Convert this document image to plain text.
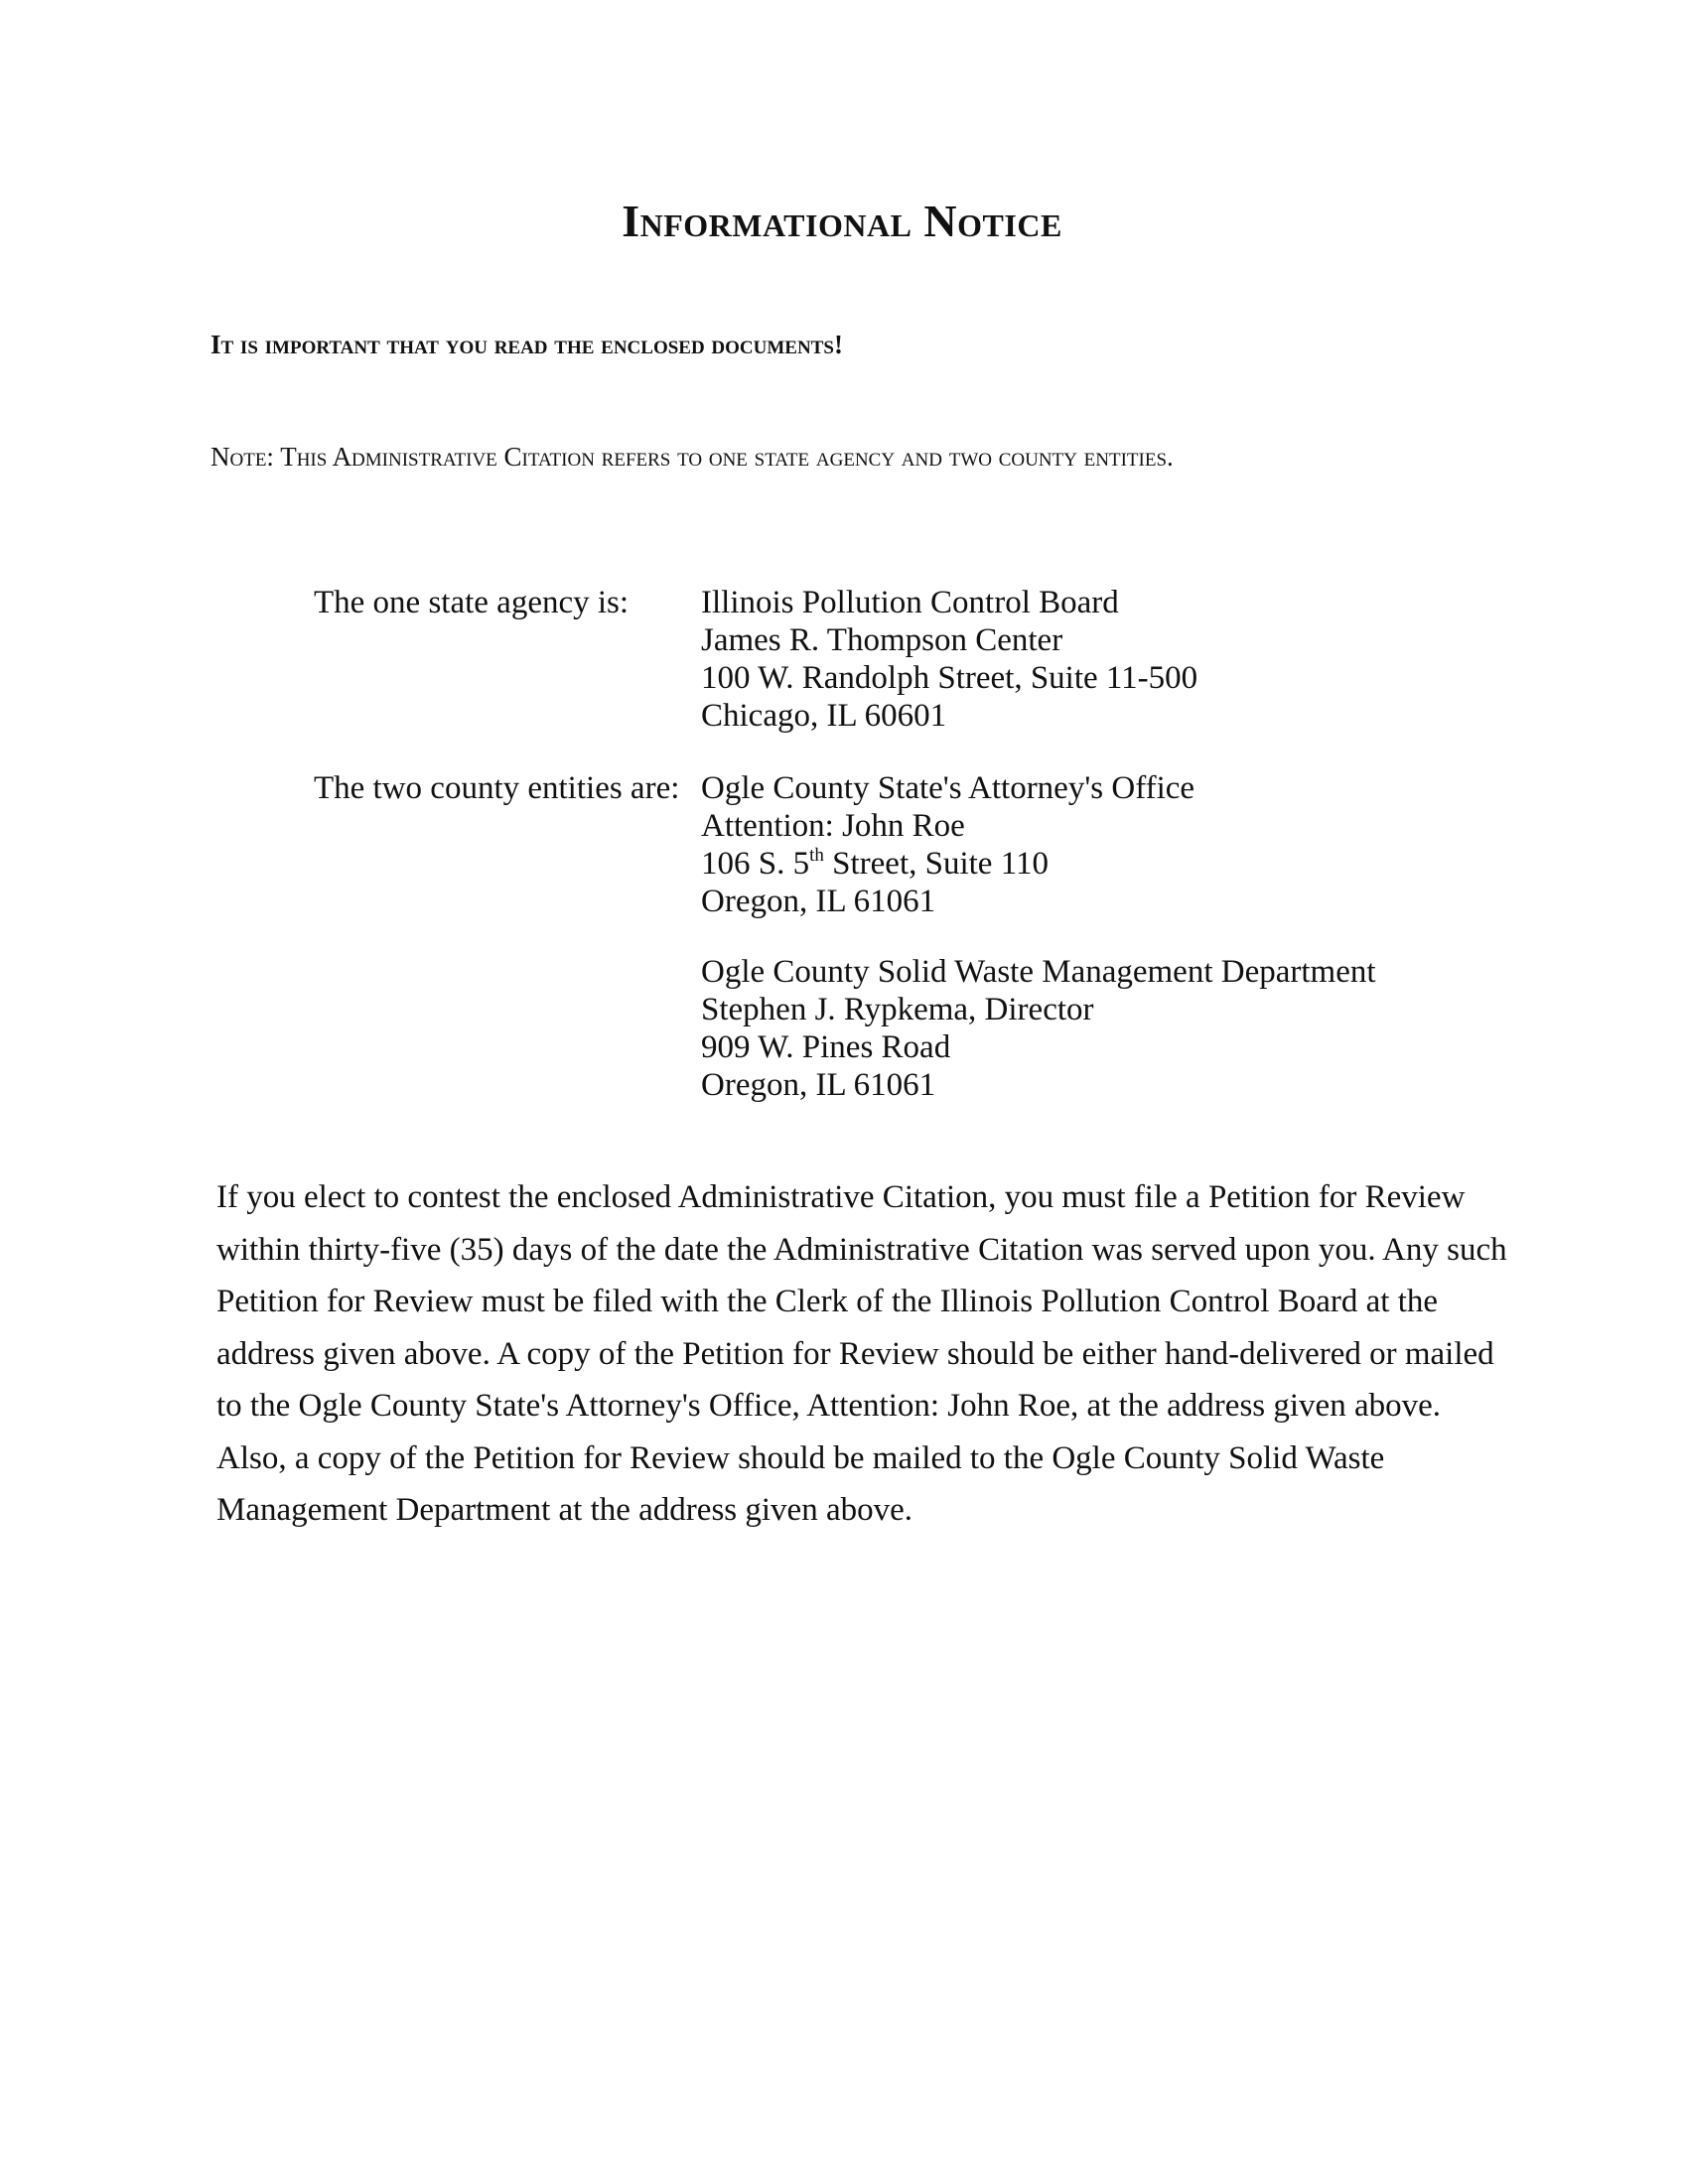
Informational Notice

It is important that you read the enclosed documents!

Note: This Administrative Citation refers to one state agency and two county entities.

The one state agency is: Illinois Pollution Control Board
James R. Thompson Center
100 W. Randolph Street, Suite 11-500
Chicago, IL 60601
The two county entities are: Ogle County State's Attorney's Office
Attention: John Roe
106 S. 5th Street, Suite 110
Oregon, IL 61061
Ogle County Solid Waste Management Department
Stephen J. Rypkema, Director
909 W. Pines Road
Oregon, IL 61061

If you elect to contest the enclosed Administrative Citation, you must file a Petition for Review within thirty-five (35) days of the date the Administrative Citation was served upon you. Any such Petition for Review must be filed with the Clerk of the Illinois Pollution Control Board at the address given above. A copy of the Petition for Review should be either hand-delivered or mailed to the Ogle County State's Attorney's Office, Attention: John Roe, at the address given above. Also, a copy of the Petition for Review should be mailed to the Ogle County Solid Waste Management Department at the address given above.
